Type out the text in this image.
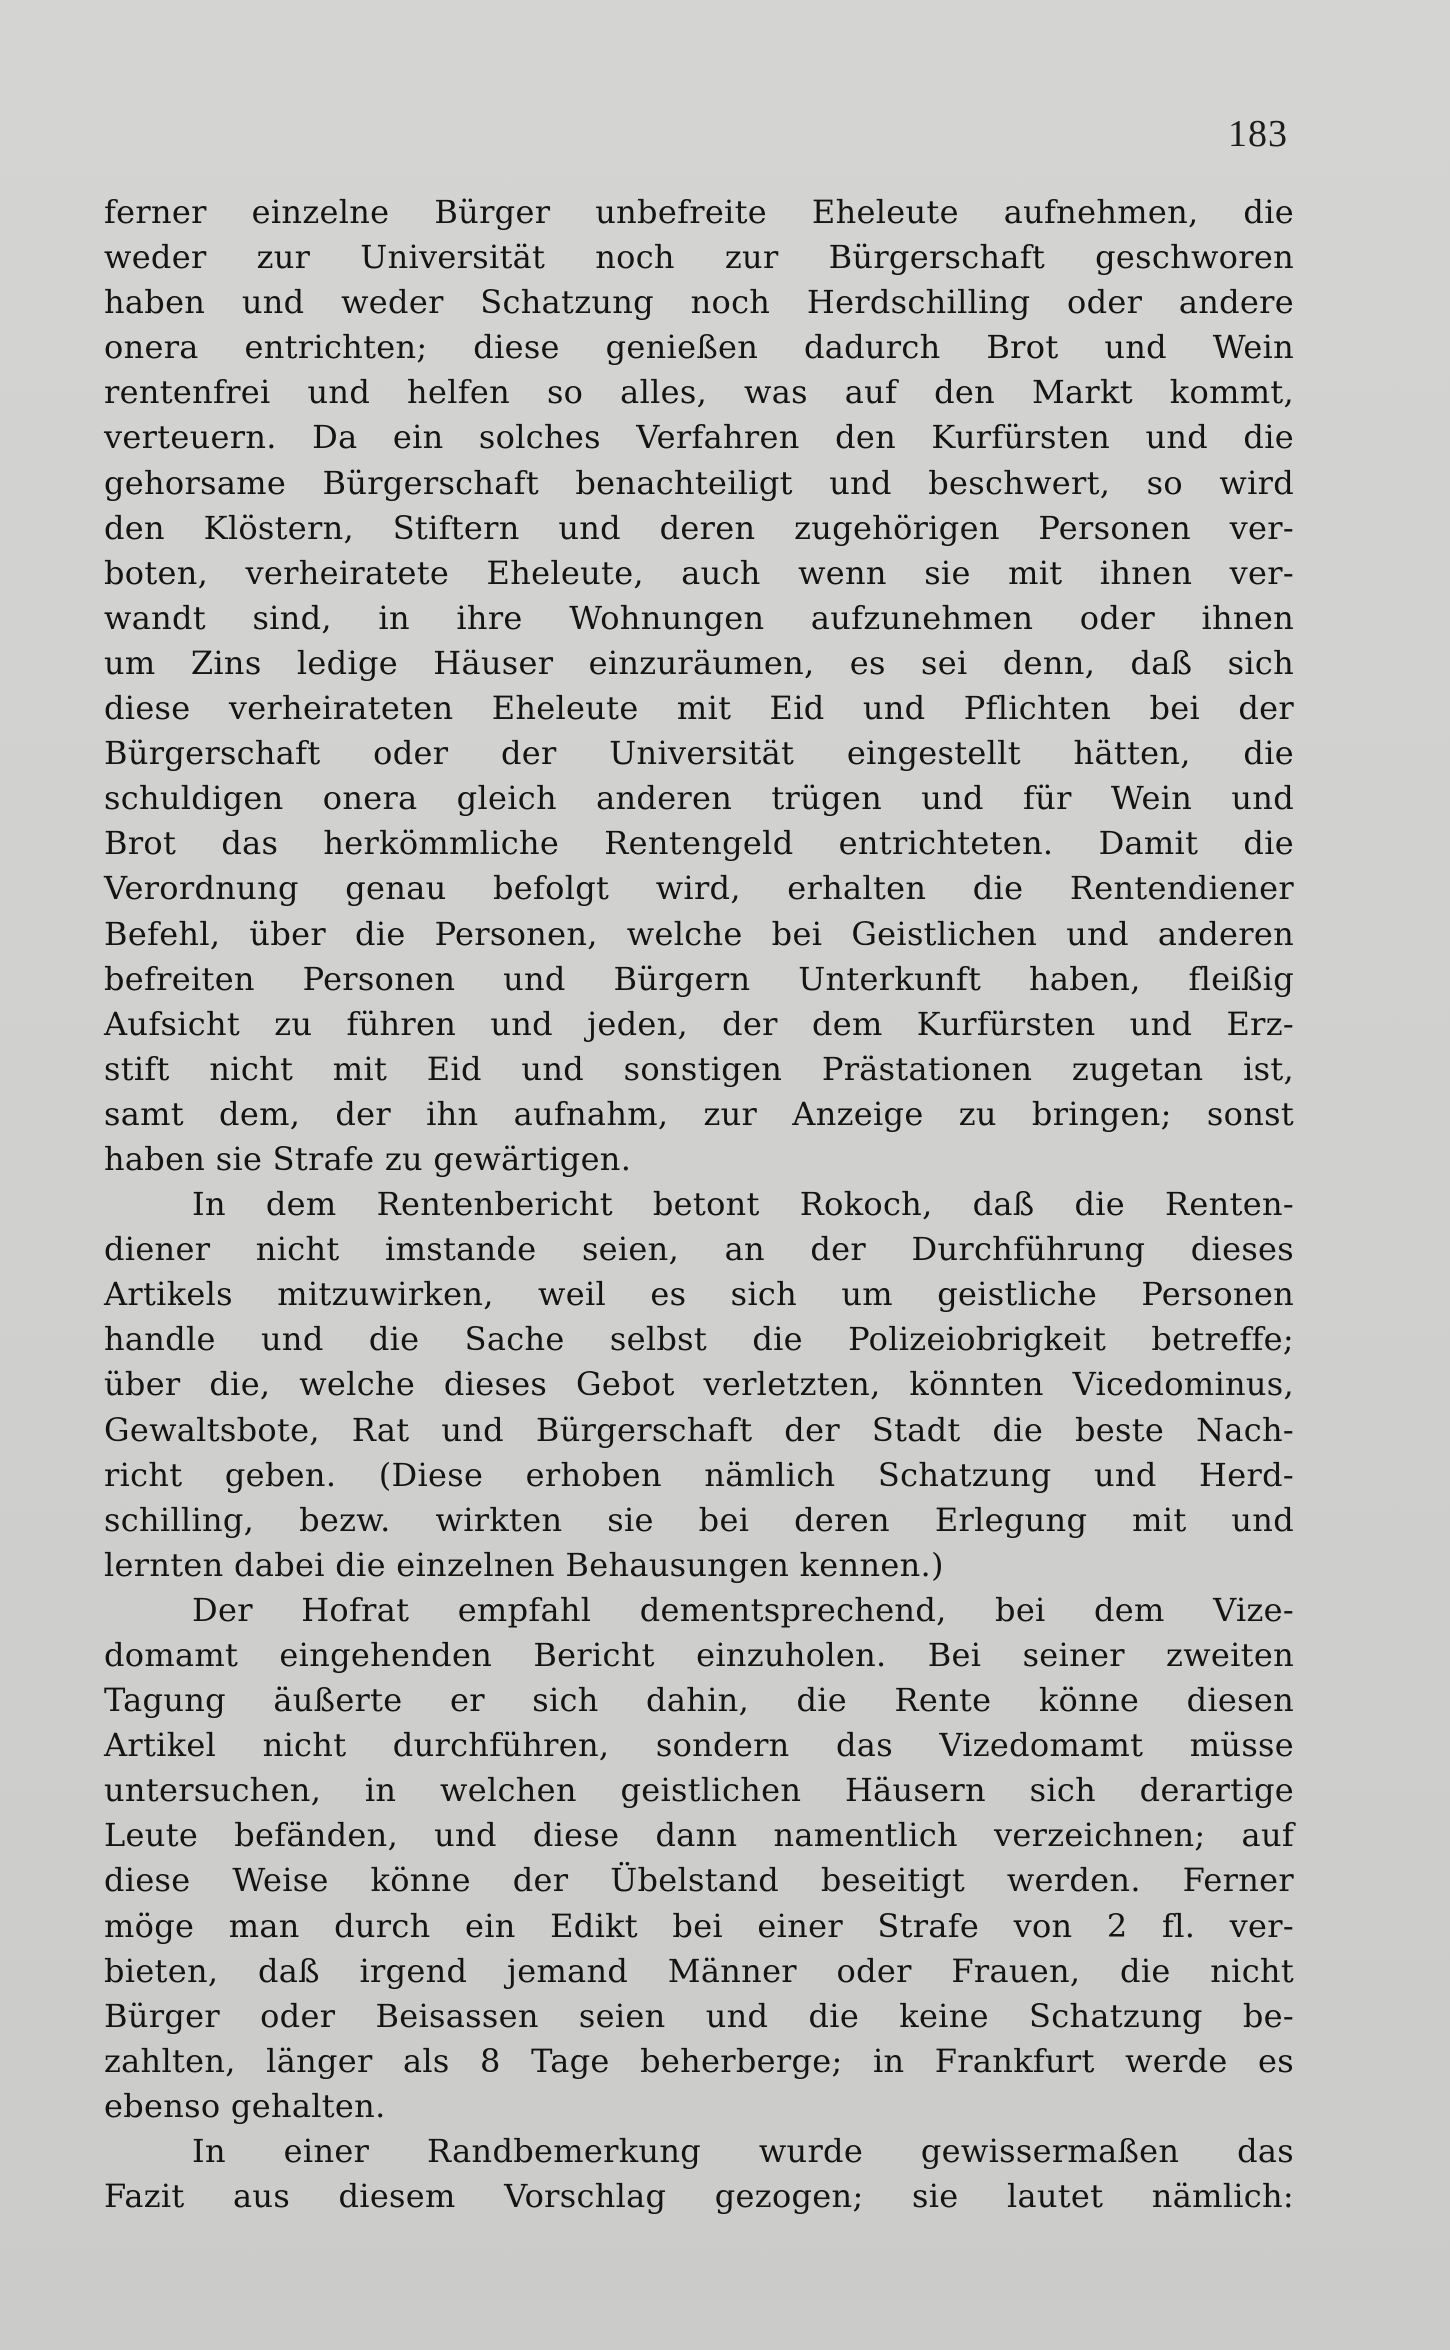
183
ferner einzelne Bürger unbefreite Eheleute aufnehmen, die
weder zur Universität noch zur Bürgerschaft geschworen
haben und weder Schatzung noch Herdschilling oder andere
onera entrichten; diese genießen dadurch Brot und Wein
rentenfrei und helfen so alles, was auf den Markt kommt,
verteuern. Da ein solches Verfahren den Kurfürsten und die
gehorsame Bürgerschaft benachteiligt und beschwert, so wird
den Klöstern, Stiftern und deren zugehörigen Personen ver-
boten, verheiratete Eheleute, auch wenn sie mit ihnen ver-
wandt sind, in ihre Wohnungen aufzunehmen oder ihnen
um Zins ledige Häuser einzuräumen, es sei denn, daß sich
diese verheirateten Eheleute mit Eid und Pflichten bei der
Bürgerschaft oder der Universität eingestellt hätten, die
schuldigen onera gleich anderen trügen und für Wein und
Brot das herkömmliche Rentengeld entrichteten. Damit die
Verordnung genau befolgt wird, erhalten die Rentendiener
Befehl, über die Personen, welche bei Geistlichen und anderen
befreiten Personen und Bürgern Unterkunft haben, fleißig
Aufsicht zu führen und jeden, der dem Kurfürsten und Erz-
stift nicht mit Eid und sonstigen Prästationen zugetan ist,
samt dem, der ihn aufnahm, zur Anzeige zu bringen; sonst
haben sie Strafe zu gewärtigen.
In dem Rentenbericht betont Rokoch, daß die Renten-
diener nicht imstande seien, an der Durchführung dieses
Artikels mitzuwirken, weil es sich um geistliche Personen
handle und die Sache selbst die Polizeiobrigkeit betreffe;
über die, welche dieses Gebot verletzten, könnten Vicedominus,
Gewaltsbote, Rat und Bürgerschaft der Stadt die beste Nach-
richt geben. (Diese erhoben nämlich Schatzung und Herd-
schilling, bezw. wirkten sie bei deren Erlegung mit und
lernten dabei die einzelnen Behausungen kennen.)
Der Hofrat empfahl dementsprechend, bei dem Vize-
domamt eingehenden Bericht einzuholen. Bei seiner zweiten
Tagung äußerte er sich dahin, die Rente könne diesen
Artikel nicht durchführen, sondern das Vizedomamt müsse
untersuchen, in welchen geistlichen Häusern sich derartige
Leute befänden, und diese dann namentlich verzeichnen; auf
diese Weise könne der Übelstand beseitigt werden. Ferner
möge man durch ein Edikt bei einer Strafe von 2 fl. ver-
bieten, daß irgend jemand Männer oder Frauen, die nicht
Bürger oder Beisassen seien und die keine Schatzung be-
zahlten, länger als 8 Tage beherberge; in Frankfurt werde es
ebenso gehalten.
In einer Randbemerkung wurde gewissermaßen das
Fazit aus diesem Vorschlag gezogen; sie lautet nämlich:
